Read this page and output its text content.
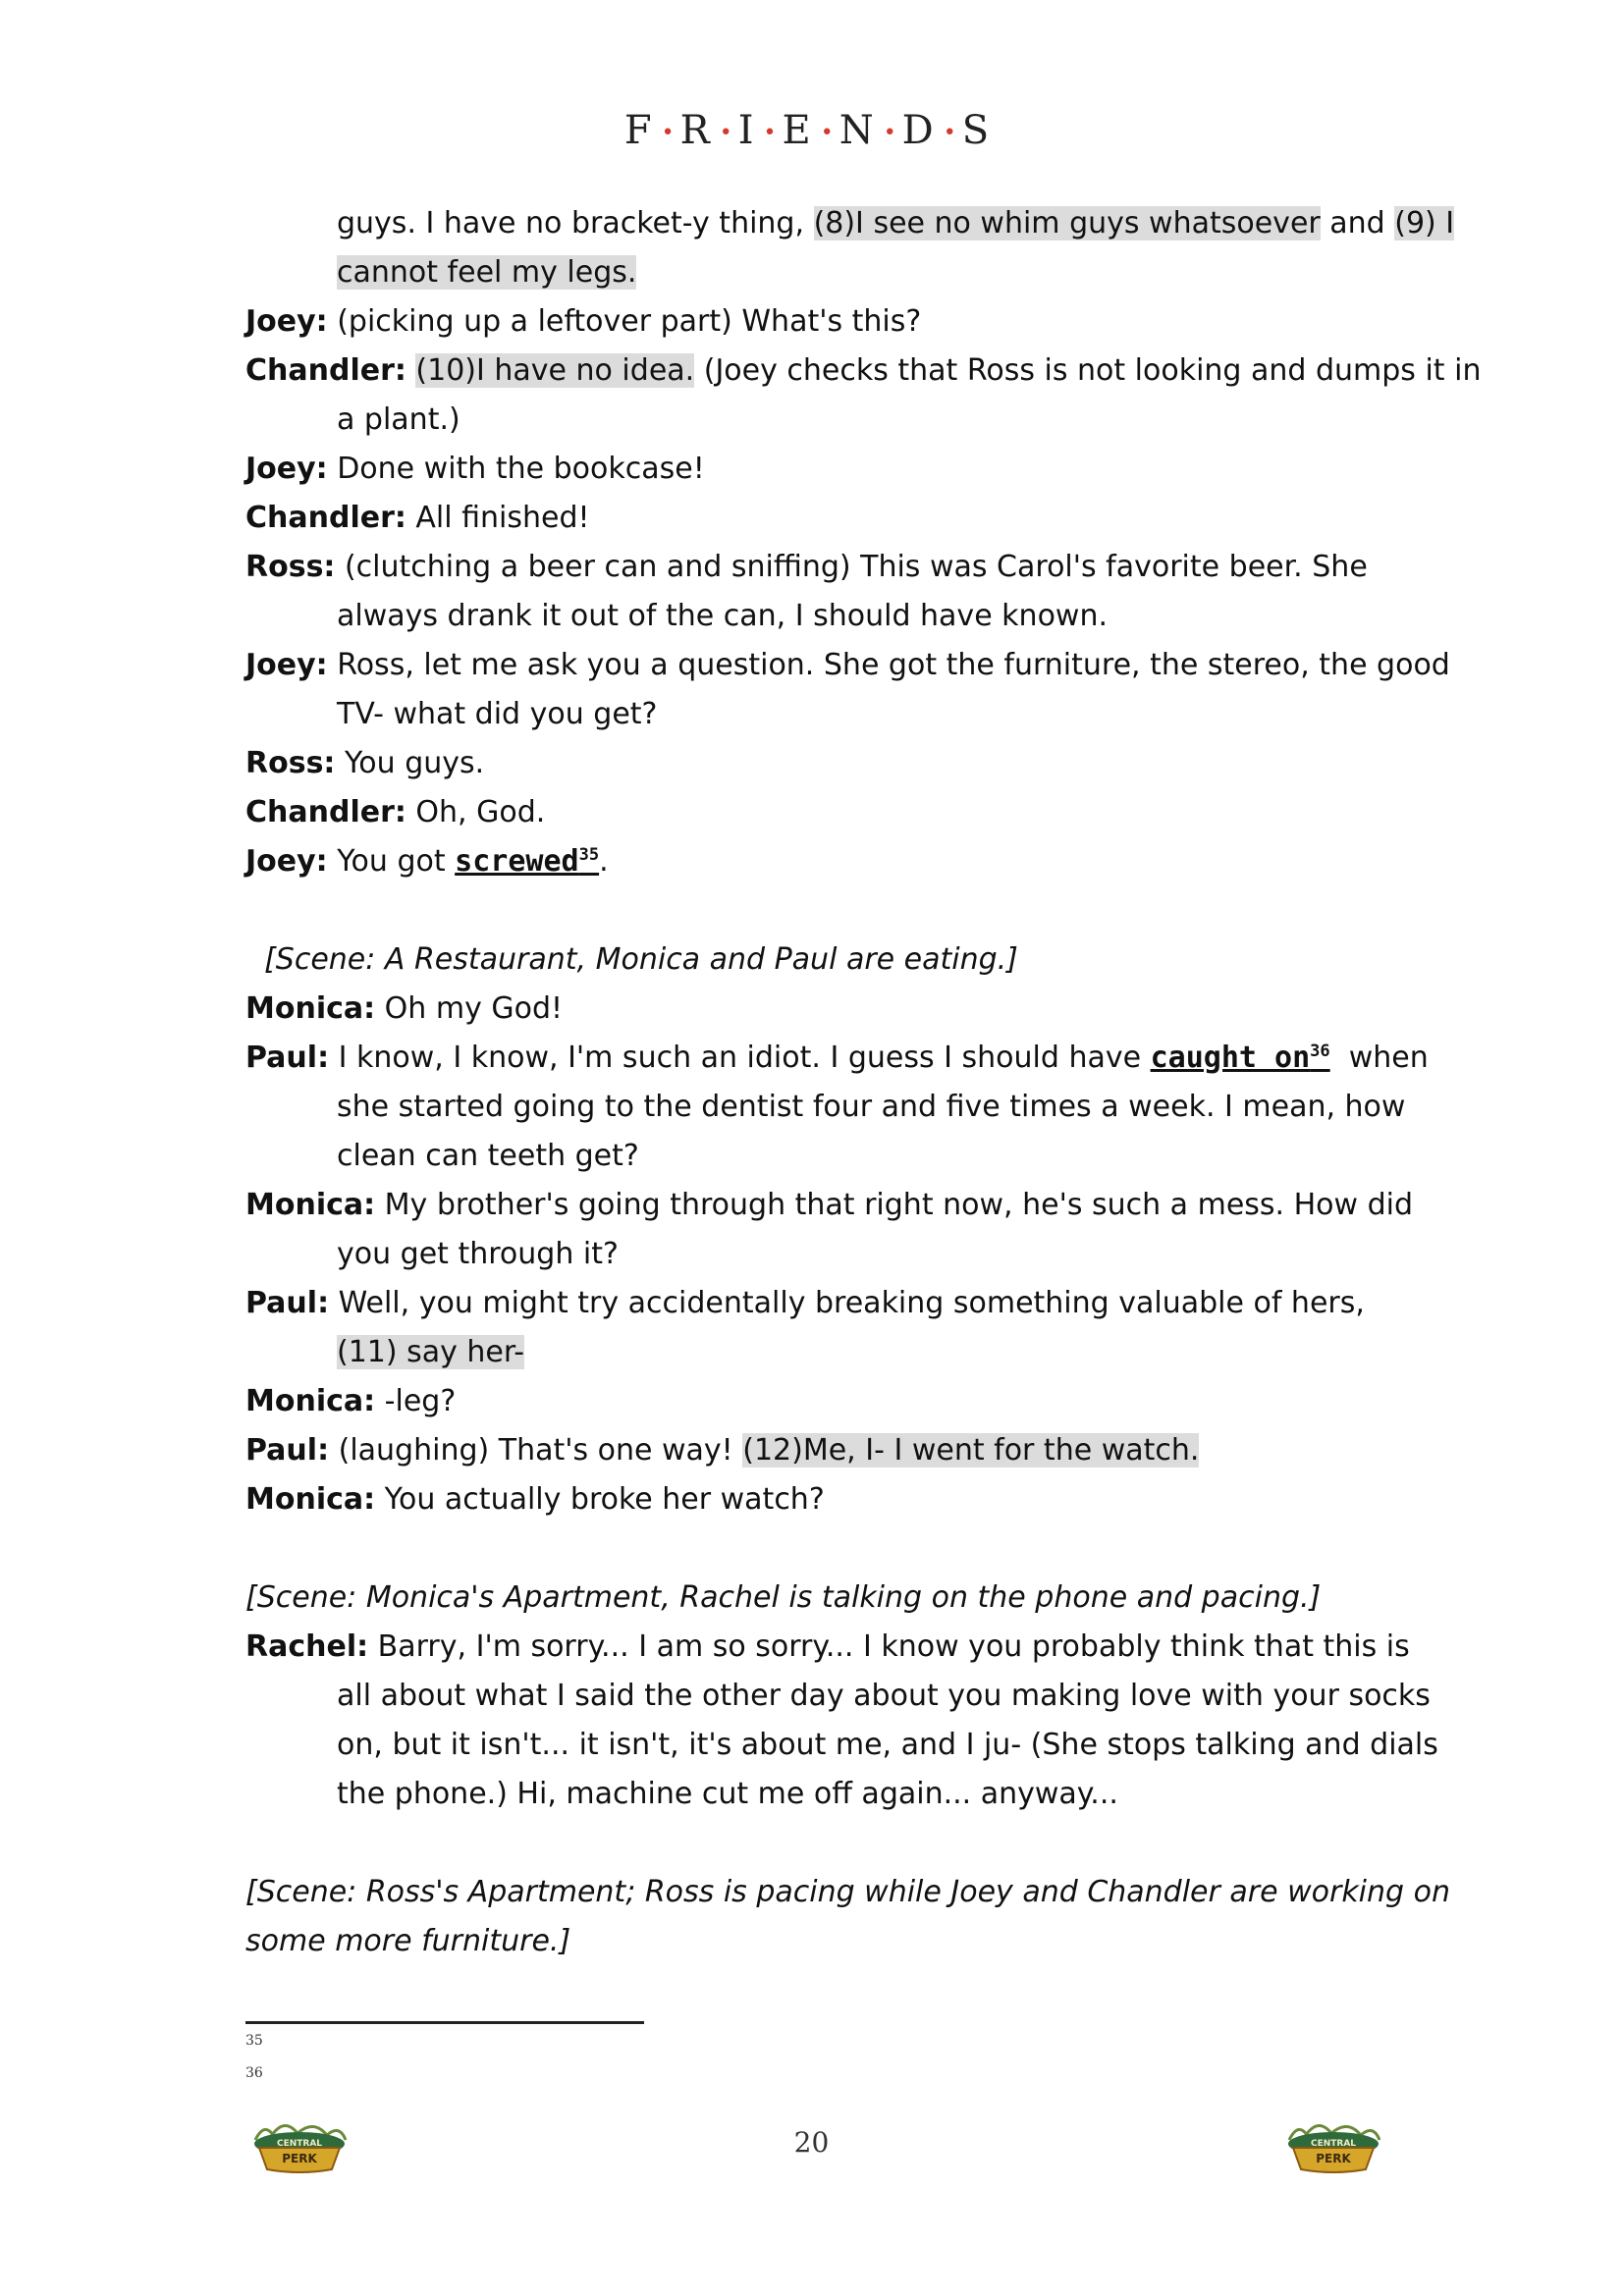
F•R•I•E•N•D•S
guys. I have no bracket-y thing, (8)I see no whim guys whatsoever and (9) I
cannot feel my legs.
Joey: (picking up a leftover part) What's this?
Chandler: (10)I have no idea. (Joey checks that Ross is not looking and dumps it in
a plant.)
Joey: Done with the bookcase!
Chandler: All finished!
Ross: (clutching a beer can and sniffing) This was Carol's favorite beer. She
always drank it out of the can, I should have known.
Joey: Ross, let me ask you a question. She got the furniture, the stereo, the good
TV- what did you get?
Ross: You guys.
Chandler: Oh, God.
Joey: You got screwed$^{35}$.
[Scene: A Restaurant, Monica and Paul are eating.]
Monica: Oh my God!
Paul: I know, I know, I'm such an idiot. I guess I should have caught $on^{36}$  when
she started going to the dentist four and five times a week. I mean, how
clean can teeth get?
Monica: My brother's going through that right now, he's such a mess. How did
you get through it?
Paul: Well, you might try accidentally breaking something valuable of hers,
(11) say her-
Monica: -leg?
Paul: (laughing) That's one way! (12)Me, I- I went for the watch.
Monica: You actually broke her watch?
[Scene: Monica's Apartment, Rachel is talking on the phone and pacing.]
Rachel: Barry, I'm sorry... I am so sorry... I know you probably think that this is
all about what I said the other day about you making love with your socks
on, but it isn't... it isn't, it's about me, and I ju- (She stops talking and dials
the phone.) Hi, machine cut me off again... anyway...
[Scene: Ross's Apartment; Ross is pacing while Joey and Chandler are working on
some more furniture.]
35
36
CENTRAL
PERK	20	CENTRAL
PERK
